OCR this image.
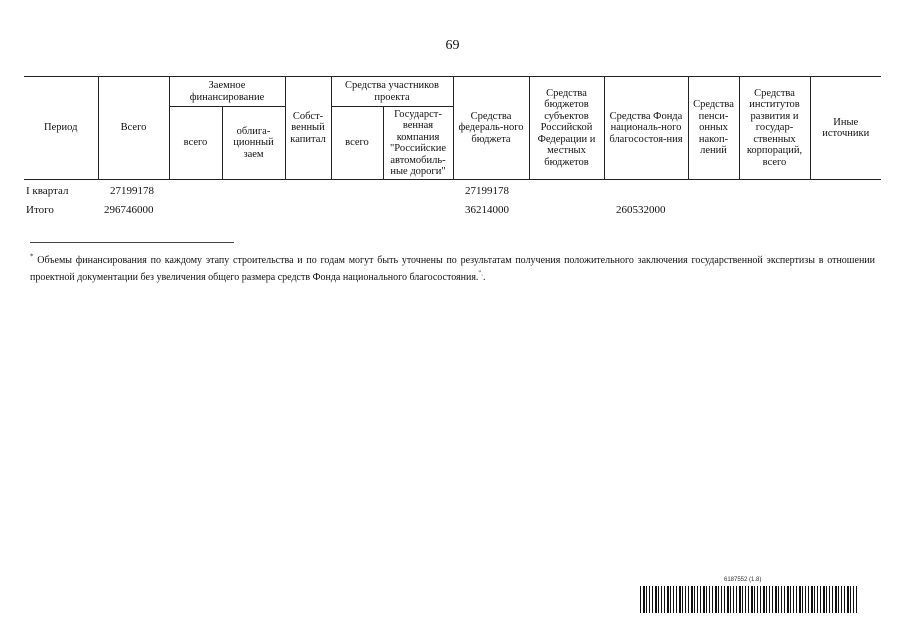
69
Период	Всего	Заемное финансирование		Собст-венный капитал	Средства участников проекта		Средства федераль-ного бюджета	Средства бюджетов субъектов Российской Федерации и местных бюджетов	Средства Фонда националь-ного благосостоя-ния	Средства пенси-онных накоп-лений	Средства институтов развития и государ-ственных корпораций, всего	Иные источники
		всего	облига-ционный заем		всего	Государст-венная компания "Российские автомобиль-ные дороги"						
I квартал	27199178						27199178					
Итого	296746000						36214000		260532000			
* Объемы финансирования по каждому этапу строительства и по годам могут быть уточнены по результатам получения положительного заключения государственной экспертизы в отношении проектной документации без увеличения общего размера средств Фонда национального благосостояния."..
6187552 (1.8)
